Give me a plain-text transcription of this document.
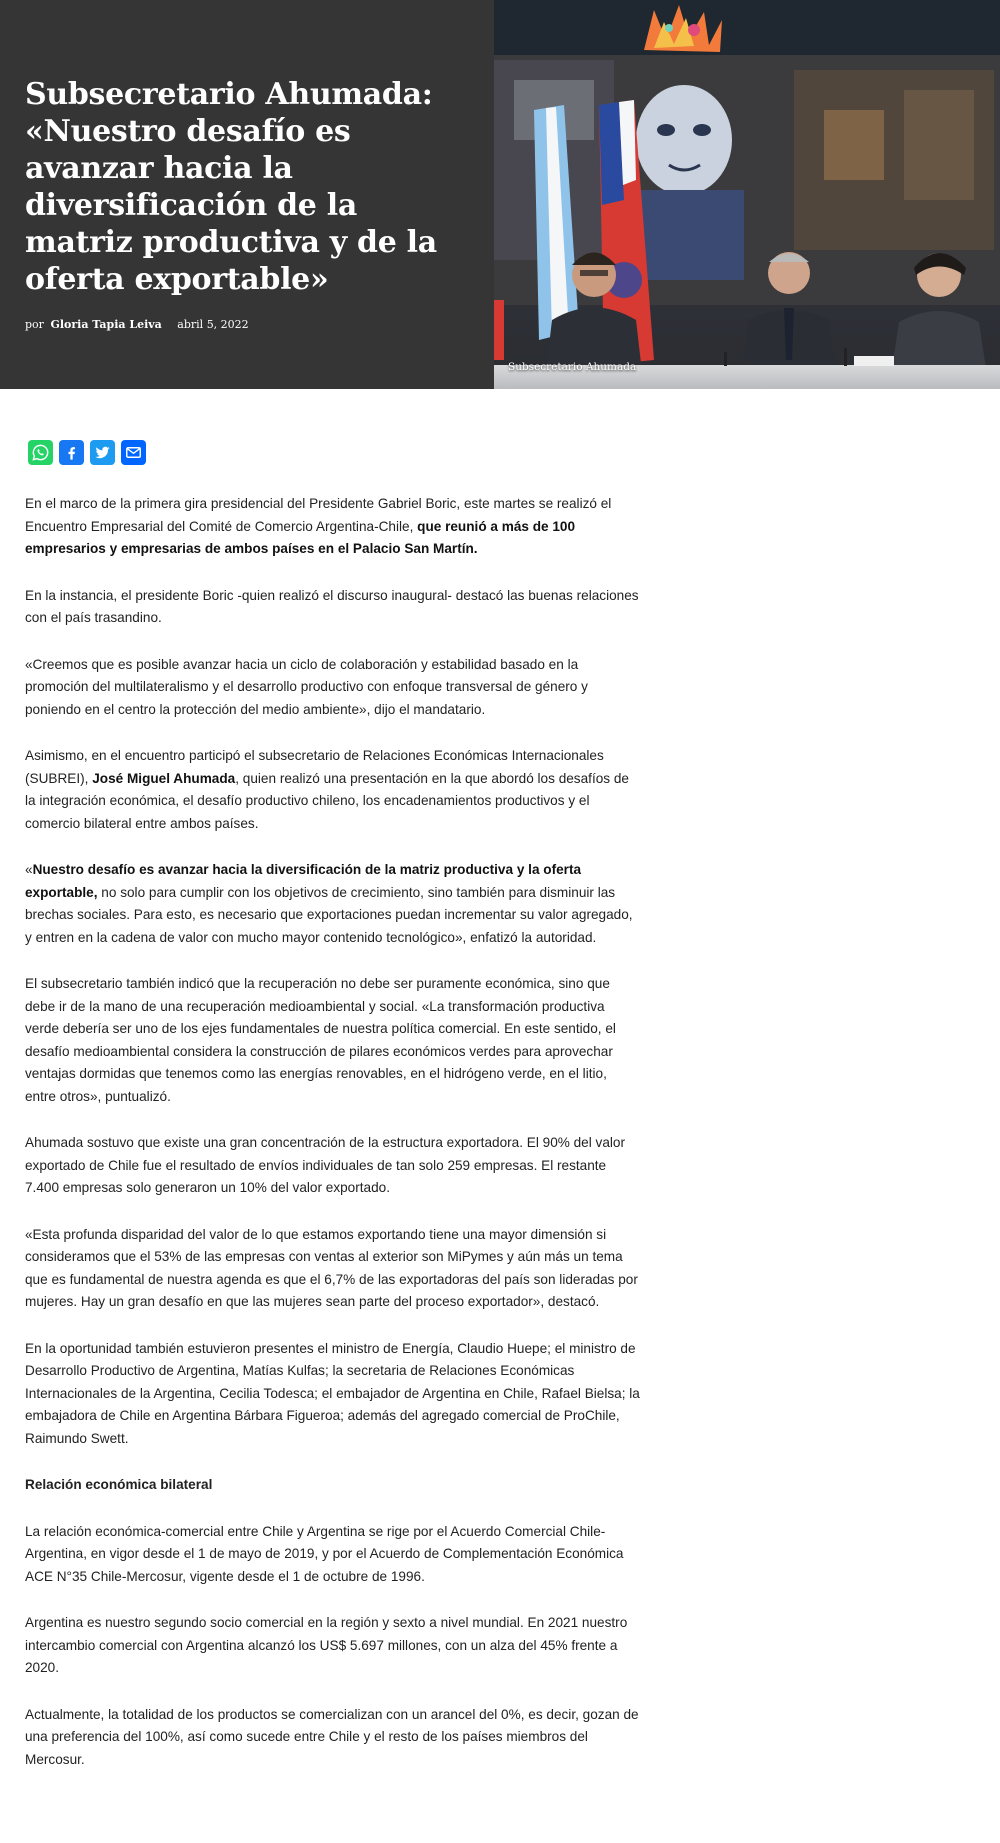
Subsecretario Ahumada: «Nuestro desafío es avanzar hacia la diversificación de la matriz productiva y de la oferta exportable»
por Gloria Tapia Leiva abril 5, 2022
Subsecretario Ahumada

En el marco de la primera gira presidencial del Presidente Gabriel Boric, este martes se realizó el Encuentro Empresarial del Comité de Comercio Argentina-Chile, que reunió a más de 100 empresarios y empresarias de ambos países en el Palacio San Martín.

En la instancia, el presidente Boric -quien realizó el discurso inaugural- destacó las buenas relaciones con el país trasandino.

«Creemos que es posible avanzar hacia un ciclo de colaboración y estabilidad basado en la promoción del multilateralismo y el desarrollo productivo con enfoque transversal de género y poniendo en el centro la protección del medio ambiente», dijo el mandatario.

Asimismo, en el encuentro participó el subsecretario de Relaciones Económicas Internacionales (SUBREI), José Miguel Ahumada, quien realizó una presentación en la que abordó los desafíos de la integración económica, el desafío productivo chileno, los encadenamientos productivos y el comercio bilateral entre ambos países.

«Nuestro desafío es avanzar hacia la diversificación de la matriz productiva y la oferta exportable, no solo para cumplir con los objetivos de crecimiento, sino también para disminuir las brechas sociales. Para esto, es necesario que exportaciones puedan incrementar su valor agregado, y entren en la cadena de valor con mucho mayor contenido tecnológico», enfatizó la autoridad.

El subsecretario también indicó que la recuperación no debe ser puramente económica, sino que debe ir de la mano de una recuperación medioambiental y social. «La transformación productiva verde debería ser uno de los ejes fundamentales de nuestra política comercial. En este sentido, el desafío medioambiental considera la construcción de pilares económicos verdes para aprovechar ventajas dormidas que tenemos como las energías renovables, en el hidrógeno verde, en el litio, entre otros», puntualizó.

Ahumada sostuvo que existe una gran concentración de la estructura exportadora. El 90% del valor exportado de Chile fue el resultado de envíos individuales de tan solo 259 empresas. El restante 7.400 empresas solo generaron un 10% del valor exportado.

«Esta profunda disparidad del valor de lo que estamos exportando tiene una mayor dimensión si consideramos que el 53% de las empresas con ventas al exterior son MiPymes y aún más un tema que es fundamental de nuestra agenda es que el 6,7% de las exportadoras del país son lideradas por mujeres. Hay un gran desafío en que las mujeres sean parte del proceso exportador», destacó.

En la oportunidad también estuvieron presentes el ministro de Energía, Claudio Huepe; el ministro de Desarrollo Productivo de Argentina, Matías Kulfas; la secretaria de Relaciones Económicas Internacionales de la Argentina, Cecilia Todesca; el embajador de Argentina en Chile, Rafael Bielsa; la embajadora de Chile en Argentina Bárbara Figueroa; además del agregado comercial de ProChile, Raimundo Swett.

Relación económica bilateral

La relación económica-comercial entre Chile y Argentina se rige por el Acuerdo Comercial Chile-Argentina, en vigor desde el 1 de mayo de 2019, y por el Acuerdo de Complementación Económica ACE N°35 Chile-Mercosur, vigente desde el 1 de octubre de 1996.

Argentina es nuestro segundo socio comercial en la región y sexto a nivel mundial. En 2021 nuestro intercambio comercial con Argentina alcanzó los US$ 5.697 millones, con un alza del 45% frente a 2020.

Actualmente, la totalidad de los productos se comercializan con un arancel del 0%, es decir, gozan de una preferencia del 100%, así como sucede entre Chile y el resto de los países miembros del Mercosur.
